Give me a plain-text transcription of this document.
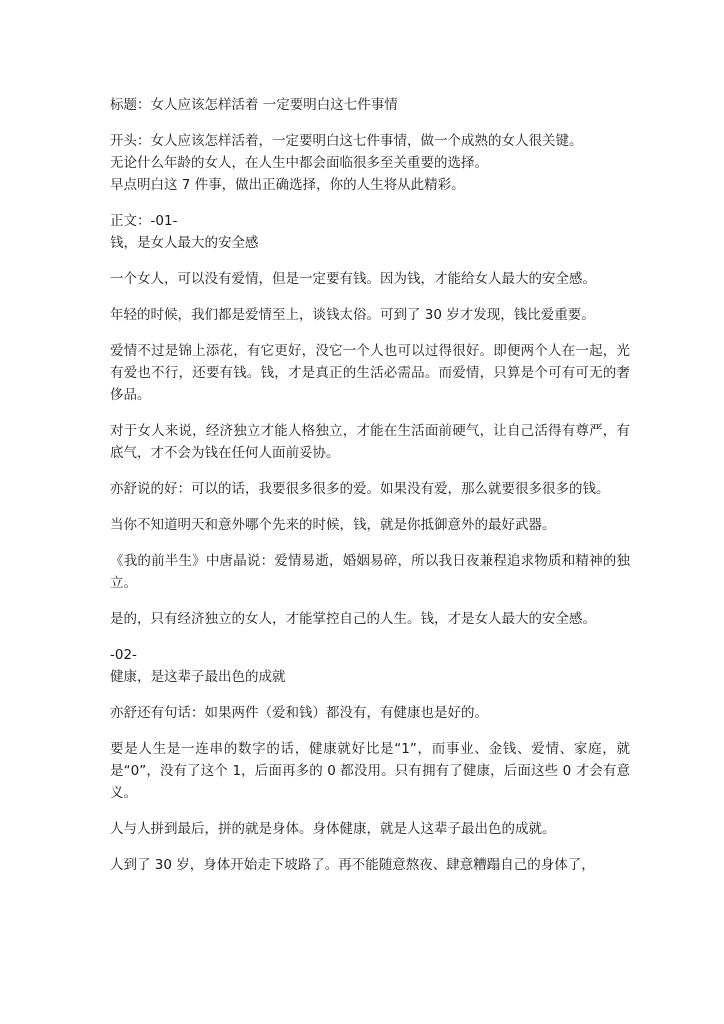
标题：女人应该怎样活着 一定要明白这七件事情

开头：女人应该怎样活着，一定要明白这七件事情，做一个成熟的女人很关键。
无论什么年龄的女人，在人生中都会面临很多至关重要的选择。
早点明白这 7 件事，做出正确选择，你的人生将从此精彩。

正文：-01-
钱，是女人最大的安全感

一个女人，可以没有爱情，但是一定要有钱。因为钱，才能给女人最大的安全感。

年轻的时候，我们都是爱情至上，谈钱太俗。可到了 30 岁才发现，钱比爱重要。

爱情不过是锦上添花，有它更好，没它一个人也可以过得很好。即便两个人在一起，光有爱也不行，还要有钱。钱，才是真正的生活必需品。而爱情，只算是个可有可无的奢侈品。

对于女人来说，经济独立才能人格独立，才能在生活面前硬气，让自己活得有尊严，有底气，才不会为钱在任何人面前妥协。

亦舒说的好：可以的话，我要很多很多的爱。如果没有爱，那么就要很多很多的钱。

当你不知道明天和意外哪个先来的时候，钱，就是你抵御意外的最好武器。

《我的前半生》中唐晶说：爱情易逝，婚姻易碎，所以我日夜兼程追求物质和精神的独立。

是的，只有经济独立的女人，才能掌控自己的人生。钱，才是女人最大的安全感。

-02-
健康，是这辈子最出色的成就

亦舒还有句话：如果两件（爱和钱）都没有，有健康也是好的。

要是人生是一连串的数字的话，健康就好比是“1”，而事业、金钱、爱情、家庭，就是“0”，没有了这个 1，后面再多的 0 都没用。只有拥有了健康，后面这些 0 才会有意义。

人与人拼到最后，拼的就是身体。身体健康，就是人这辈子最出色的成就。

人到了 30 岁，身体开始走下坡路了。再不能随意熬夜、肆意糟蹋自己的身体了，
